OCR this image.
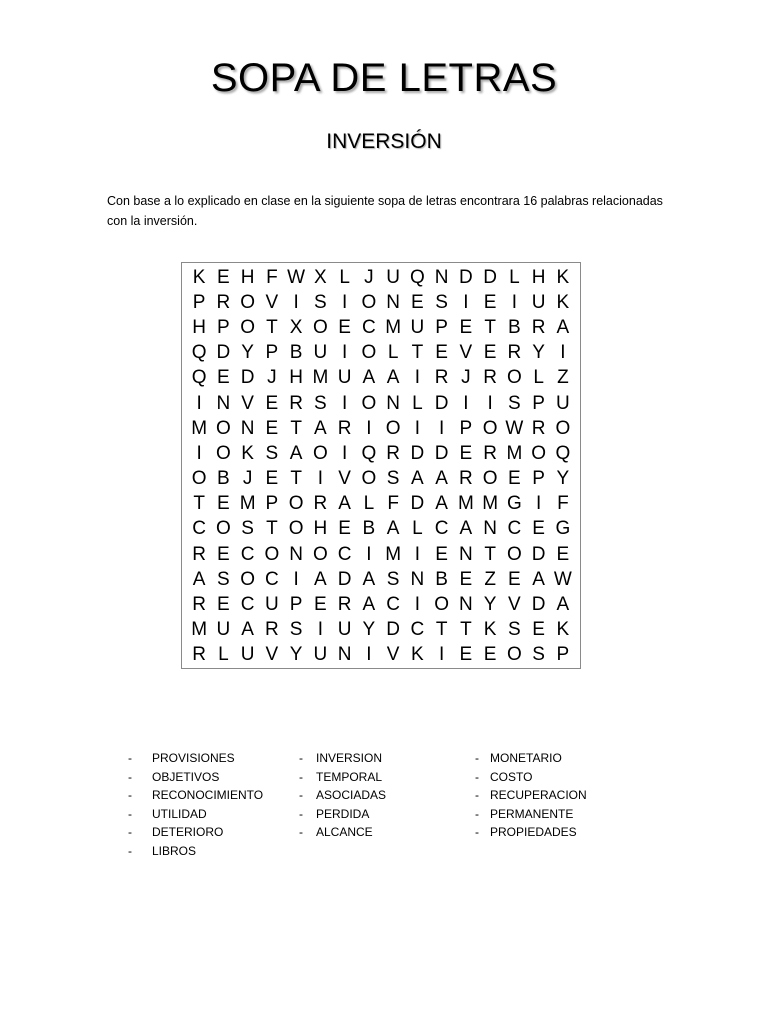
SOPA DE LETRAS
INVERSIÓN
Con base a lo explicado en clase en la siguiente sopa de letras encontrara 16 palabras relacionadas con la inversión.
K E H F W X L J U Q N D D L H K
P R O V I S I O N E S I E I U K
H P O T X O E C M U P E T B R A
Q D Y P B U I O L T E V E R Y I
Q E D J H M U A A I R J R O L Z
I N V E R S I O N L D I I S P U
M O N E T A R I O I I P O W R O
I O K S A O I Q R D D E R M O Q
O B J E T I V O S A A R O E P Y
T E M P O R A L F D A M M G I F
C O S T O H E B A L C A N C E G
R E C O N O C I M I E N T O D E
A S O C I A D A S N B E Z E A W
R E C U P E R A C I O N Y V D A
M U A R S I U Y D C T T K S E K
R L U V Y U N I V K I E E O S P
- PROVISIONES
- OBJETIVOS
- RECONOCIMIENTO
- UTILIDAD
- DETERIORO
- LIBROS
- INVERSION
- TEMPORAL
- ASOCIADAS
- PERDIDA
- ALCANCE
- MONETARIO
- COSTO
- RECUPERACION
- PERMANENTE
- PROPIEDADES
